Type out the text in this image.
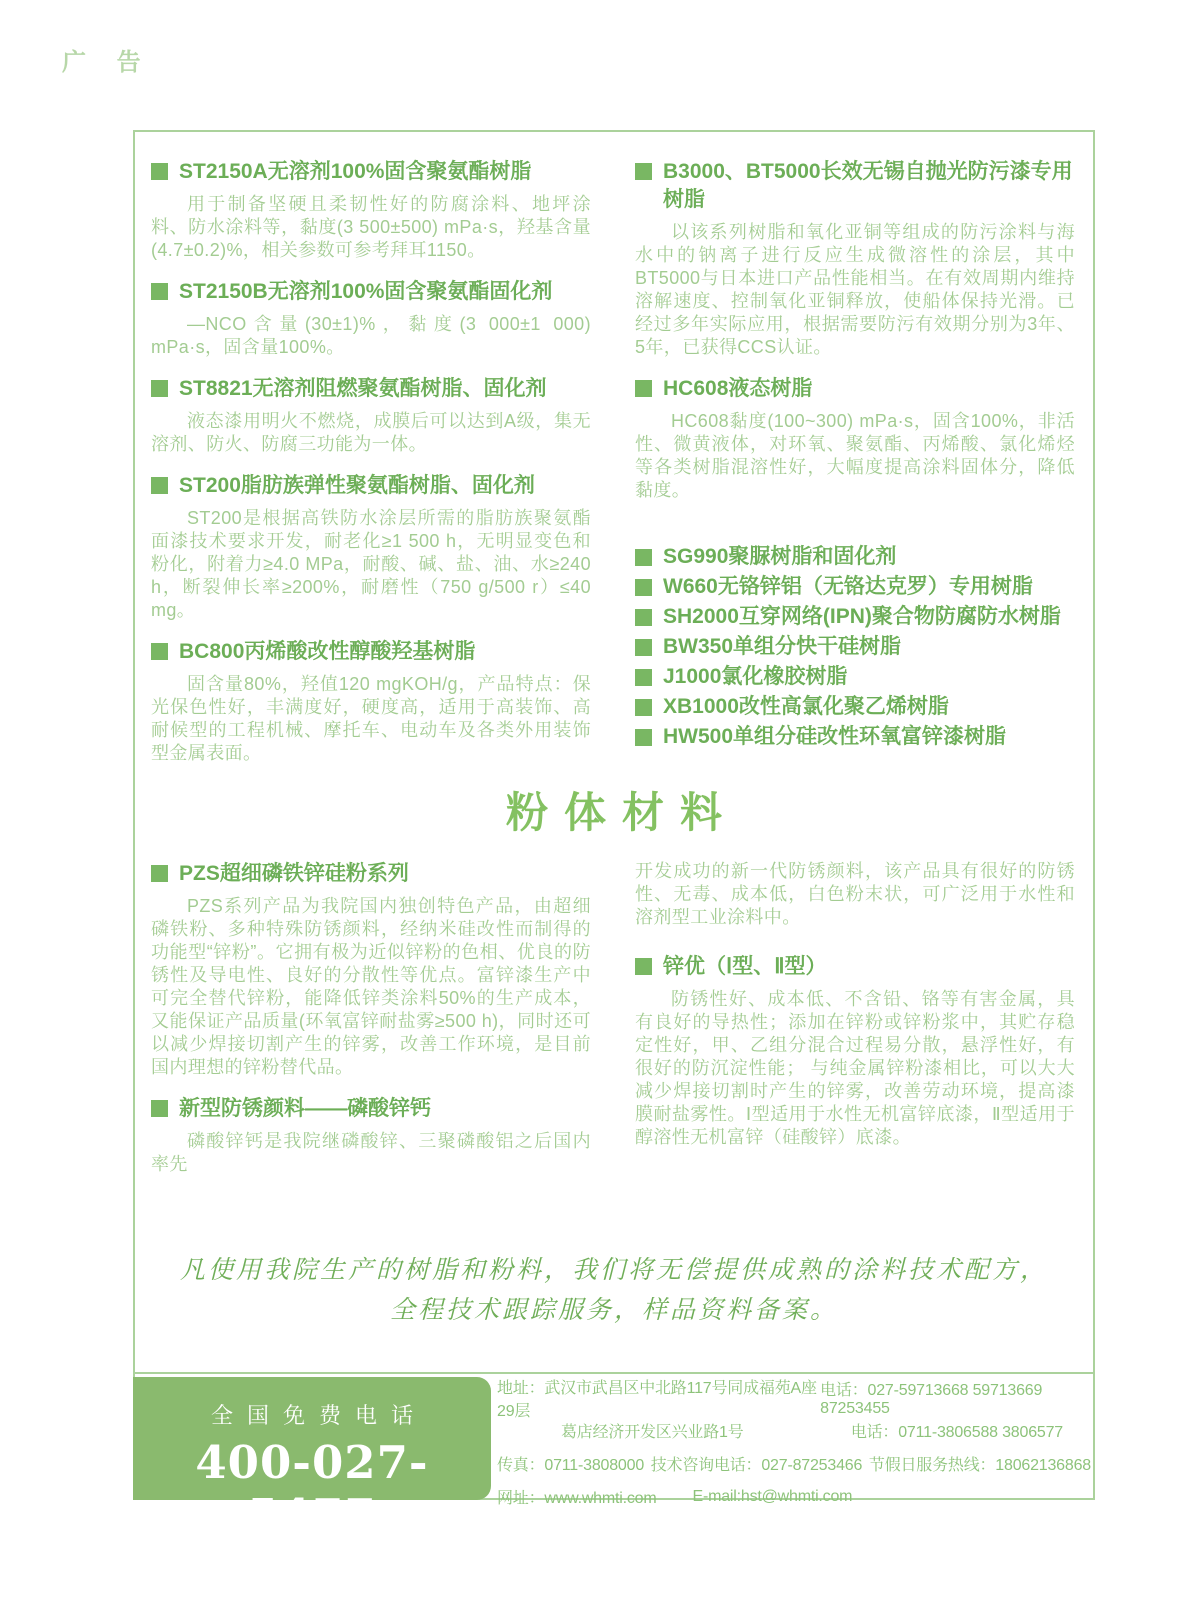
广 告
ST2150A无溶剂100%固含聚氨酯树脂

用于制备坚硬且柔韧性好的防腐涂料、地坪涂料、防水涂料等，黏度(3 500±500) mPa·s，羟基含量(4.7±0.2)%，相关参数可参考拜耳1150。

ST2150B无溶剂100%固含聚氨酯固化剂

—NCO含量(30±1)%，黏度(3 000±1 000) mPa·s，固含量100%。

ST8821无溶剂阻燃聚氨酯树脂、固化剂

液态漆用明火不燃烧，成膜后可以达到A级，集无溶剂、防火、防腐三功能为一体。

ST200脂肪族弹性聚氨酯树脂、固化剂

ST200是根据高铁防水涂层所需的脂肪族聚氨酯面漆技术要求开发，耐老化≥1 500 h，无明显变色和粉化，附着力≥4.0 MPa，耐酸、碱、盐、油、水≥240 h，断裂伸长率≥200%，耐磨性（750 g/500 r）≤40 mg。

BC800丙烯酸改性醇酸羟基树脂

固含量80%，羟值120 mgKOH/g，产品特点：保光保色性好，丰满度好，硬度高，适用于高装饰、高耐候型的工程机械、摩托车、电动车及各类外用装饰型金属表面。

B3000、BT5000长效无锡自抛光防污漆专用树脂

以该系列树脂和氧化亚铜等组成的防污涂料与海水中的钠离子进行反应生成微溶性的涂层，其中BT5000与日本进口产品性能相当。在有效周期内维持溶解速度、控制氧化亚铜释放，使船体保持光滑。已经过多年实际应用，根据需要防污有效期分别为3年、5年，已获得CCS认证。

HC608液态树脂

HC608黏度(100~300) mPa·s，固含100%，非活性、微黄液体，对环氧、聚氨酯、丙烯酸、氯化烯烃等各类树脂混溶性好，大幅度提高涂料固体分，降低黏度。

SG990聚脲树脂和固化剂
W660无铬锌铝（无铬达克罗）专用树脂
SH2000互穿网络(IPN)聚合物防腐防水树脂
BW350单组分快干硅树脂
J1000氯化橡胶树脂
XB1000改性高氯化聚乙烯树脂
HW500单组分硅改性环氧富锌漆树脂
粉体材料
PZS超细磷铁锌硅粉系列

PZS系列产品为我院国内独创特色产品，由超细磷铁粉、多种特殊防锈颜料，经纳米硅改性而制得的功能型“锌粉”。它拥有极为近似锌粉的色相、优良的防锈性及导电性、良好的分散性等优点。富锌漆生产中可完全替代锌粉，能降低锌类涂料50%的生产成本，又能保证产品质量(环氧富锌耐盐雾≥500 h)，同时还可以减少焊接切割产生的锌雾，改善工作环境，是目前国内理想的锌粉替代品。

新型防锈颜料——磷酸锌钙

磷酸锌钙是我院继磷酸锌、三聚磷酸铝之后国内率先

开发成功的新一代防锈颜料，该产品具有很好的防锈性、无毒、成本低，白色粉末状，可广泛用于水性和溶剂型工业涂料中。

锌优（Ⅰ型、Ⅱ型）

防锈性好、成本低、不含铅、铬等有害金属，具有良好的导热性；添加在锌粉或锌粉浆中，其贮存稳定性好，甲、乙组分混合过程易分散，悬浮性好，有很好的防沉淀性能； 与纯金属锌粉漆相比，可以大大减少焊接切割时产生的锌雾，改善劳动环境，提高漆膜耐盐雾性。Ⅰ型适用于水性无机富锌底漆，Ⅱ型适用于醇溶性无机富锌（硅酸锌）底漆。

凡使用我院生产的树脂和粉料，我们将无偿提供成熟的涂料技术配方，
全程技术跟踪服务，样品资料备案。
全国免费电话
400-027-5477
地址：武汉市武昌区中北路117号同成福苑A座29层
电话：027-59713668 59713669 87253455
葛店经济开发区兴业路1号	电话：0711-3806588 3806577
传真：0711-3808000 技术咨询电话：027-87253466 节假日服务热线：18062136868
网址：www.whmti.com E-mail:hst@whmti.com
